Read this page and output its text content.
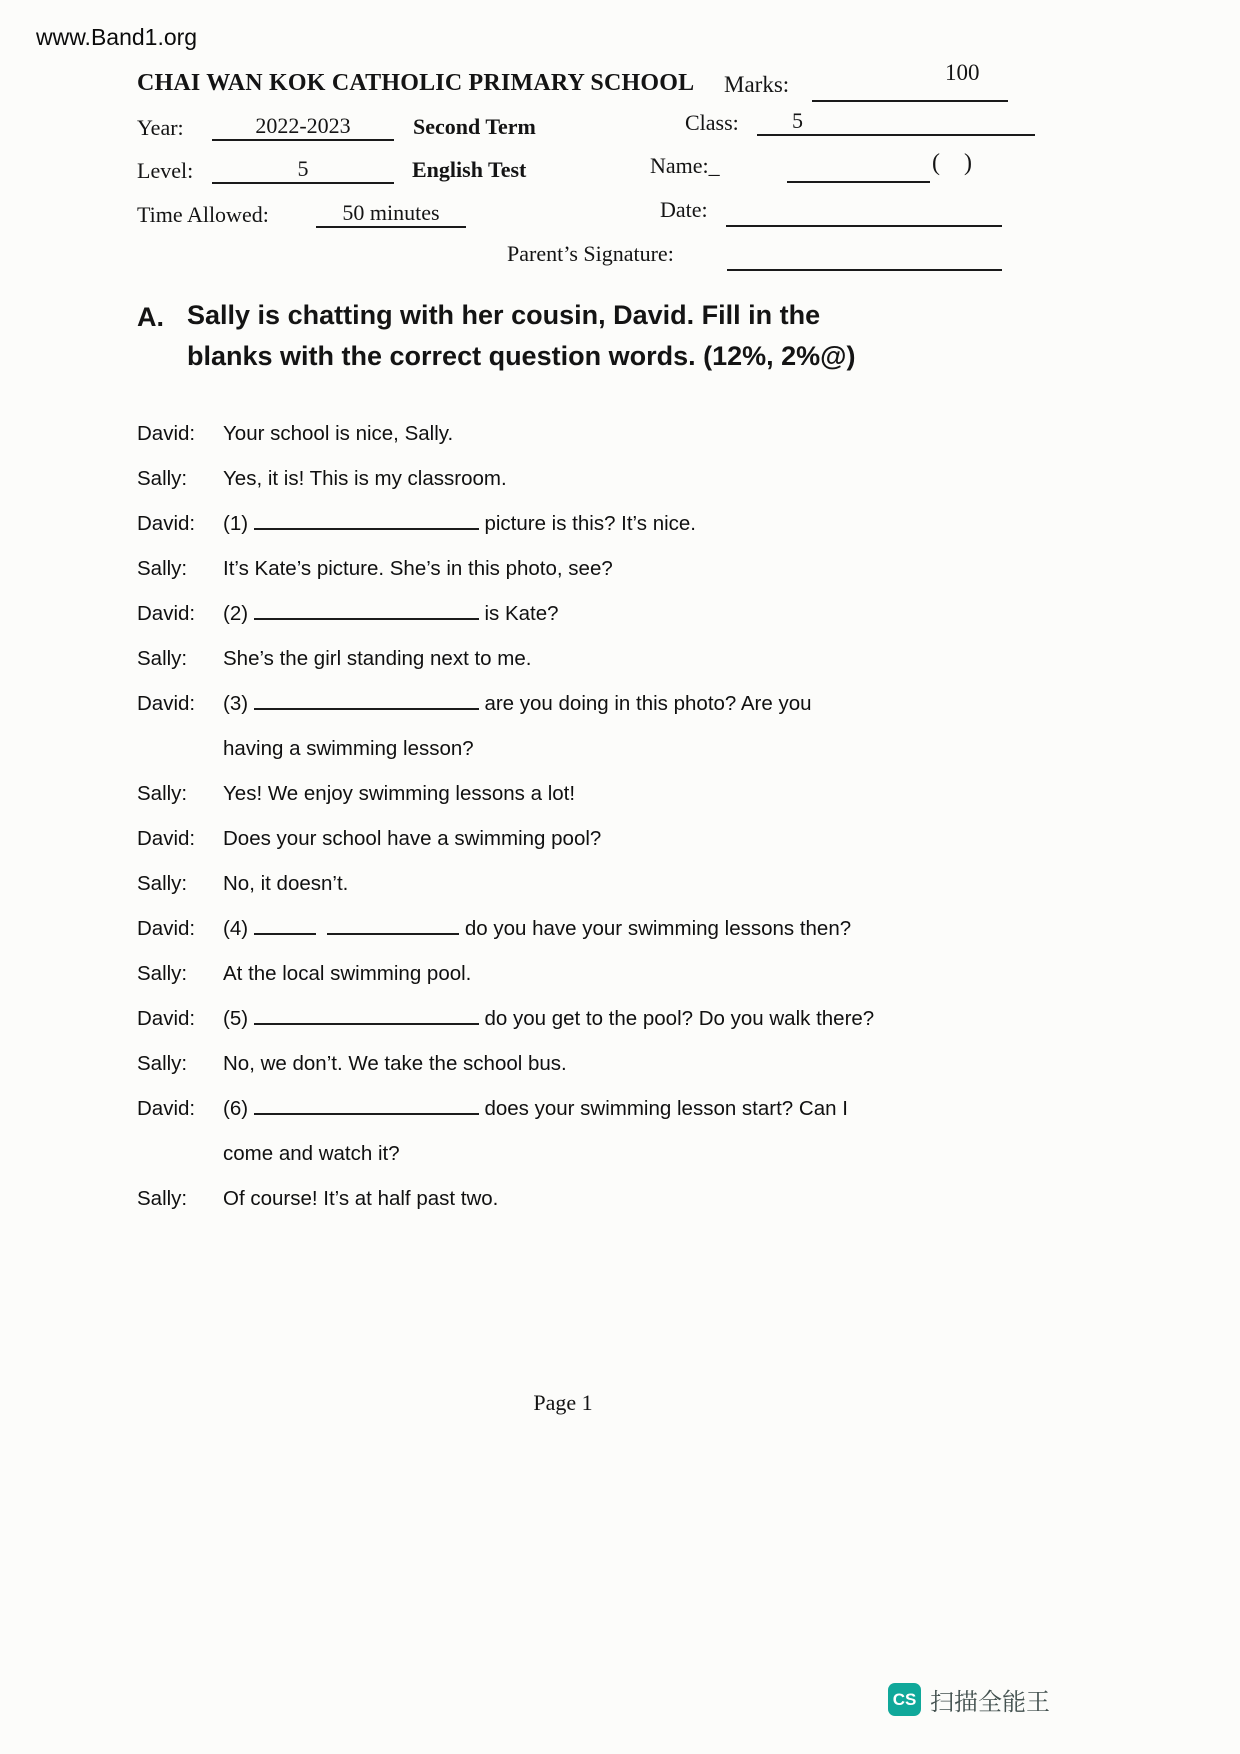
www.Band1.org
CHAI WAN KOK CATHOLIC PRIMARY SCHOOL Marks:	100
Year:	2022-2023	Second Term	Class:	5
Level:	5	English Test	Name:_	(    )
Time Allowed:	50 minutes	Date:
Parent’s Signature:
A. Sally is chatting with her cousin, David. Fill in the
blanks with the correct question words. (12%, 2%@)
David:	Your school is nice, Sally.
Sally:	Yes, it is! This is my classroom.
David:	(1)	picture is this? It’s nice.
Sally:	It’s Kate’s picture. She’s in this photo, see?
David:	(2)	is Kate?
Sally:	She’s the girl standing next to me.
David:	(3)	are you doing in this photo? Are you
having a swimming lesson?
Sally:	Yes! We enjoy swimming lessons a lot!
David:	Does your school have a swimming pool?
Sally:	No, it doesn’t.
David:	(4)	do you have your swimming lessons then?
Sally:	At the local swimming pool.
David:	(5)	do you get to the pool? Do you walk there?
Sally:	No, we don’t. We take the school bus.
David:	(6)	does your swimming lesson start? Can I
come and watch it?
Sally:	Of course! It’s at half past two.
Page 1
CS 扫描全能王
